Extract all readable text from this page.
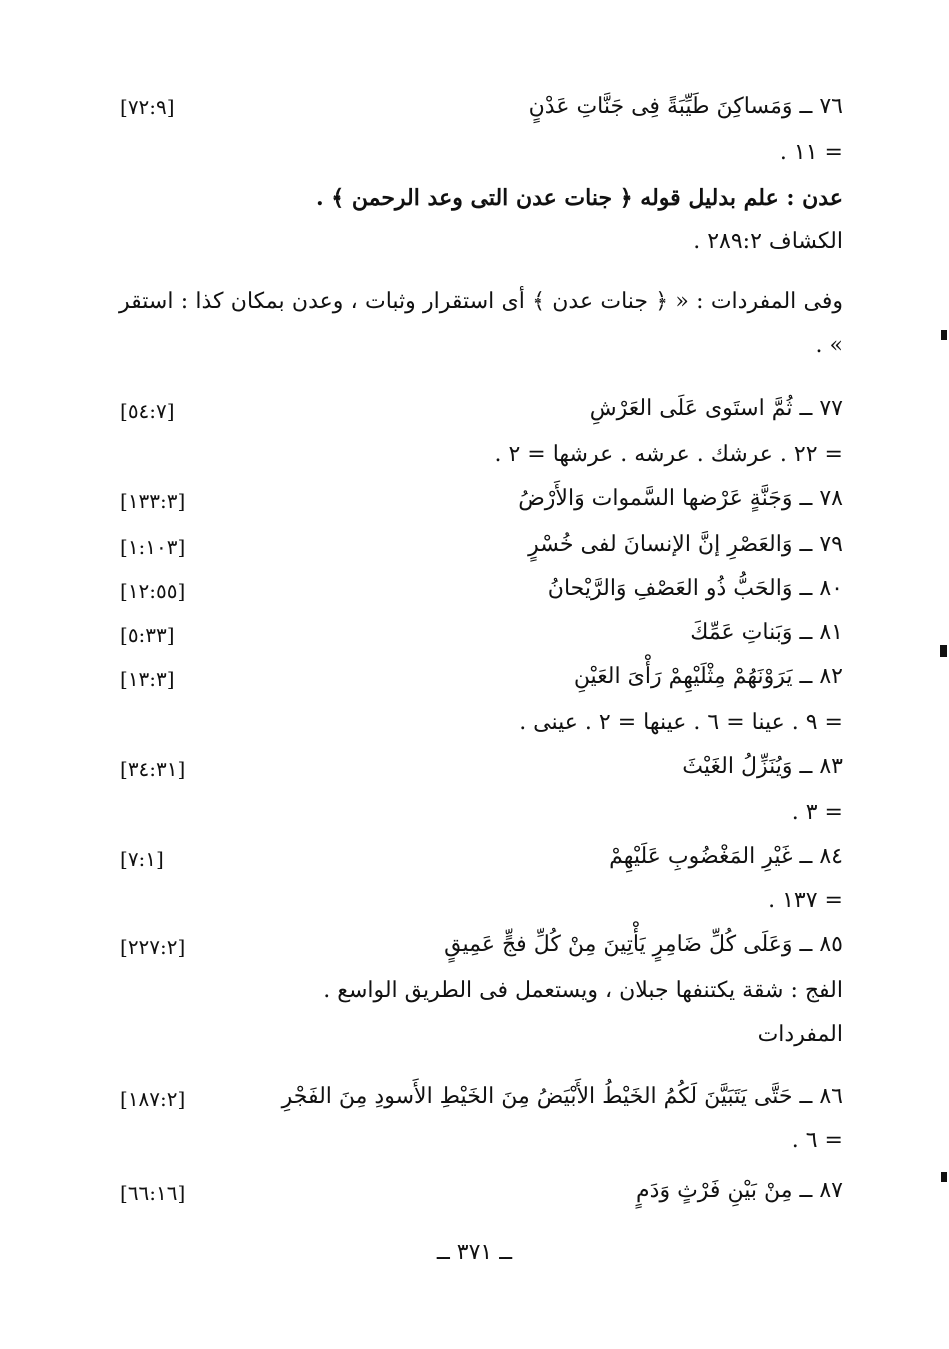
٧٦ ــ وَمَساكِنَ طَيِّبَةً فِى جَنَّاتِ عَدْنٍ
[٧٢:٩]
= ١١ .
عدن : علم بدليل قوله ﴿ جنات عدن التى وعد الرحمن ﴾ .
الكشاف ٢٨٩:٢ .
وفى المفردات : « ﴿ جنات عدن ﴾ أى استقرار وثبات ، وعدن بمكان كذا : استقر » .
٧٧ ــ ثُمَّ استَوى عَلَى العَرْشِ
[٥٤:٧]
= ٢٢ . عرشك . عرشه . عرشها = ٢ .
٧٨ ــ وَجَنَّةٍ عَرْضها السَّموات وَالأَرْضُ
[١٣٣:٣]
٧٩ ــ وَالعَصْرِ إنَّ الإنسانَ لفى خُسْرٍ
[١:١٠٣]
٨٠ ــ وَالحَبُّ ذُو العَصْفِ وَالرَّيْحانُ
[١٢:٥٥]
٨١ ــ وَبَناتِ عَمِّكَ
[٥:٣٣]
٨٢ ــ يَرَوْنَهُمْ مِثْلَيْهِمْ رَأْىَ العَيْنِ
[١٣:٣]
= ٩ . عينا = ٦ . عينها = ٢ . عينى .
٨٣ ــ وَيُنَزِّلُ الغَيْثَ
[٣٤:٣١]
= ٣ .
٨٤ ــ غَيْرِ المَغْضُوبِ عَلَيْهِمْ
[٧:١]
= ١٣٧ .
٨٥ ــ وَعَلَى كُلِّ ضَامِرٍ يَأْتِينَ مِنْ كُلِّ فجٍّ عَمِيقٍ
[٢٢٧:٢]
الفج : شقة يكتنفها جبلان ، ويستعمل فى الطريق الواسع .
المفردات
٨٦ ــ حَتَّى يَتَبَيَّنَ لَكُمُ الخَيْطُ الأَبْيَضُ مِنَ الخَيْطِ الأَسودِ مِنَ الفَجْرِ
[١٨٧:٢]
= ٦ .
٨٧ ــ مِنْ بَيْنِ فَرْثٍ وَدَمٍ
[٦٦:١٦]
ــ ٣٧١ ــ
